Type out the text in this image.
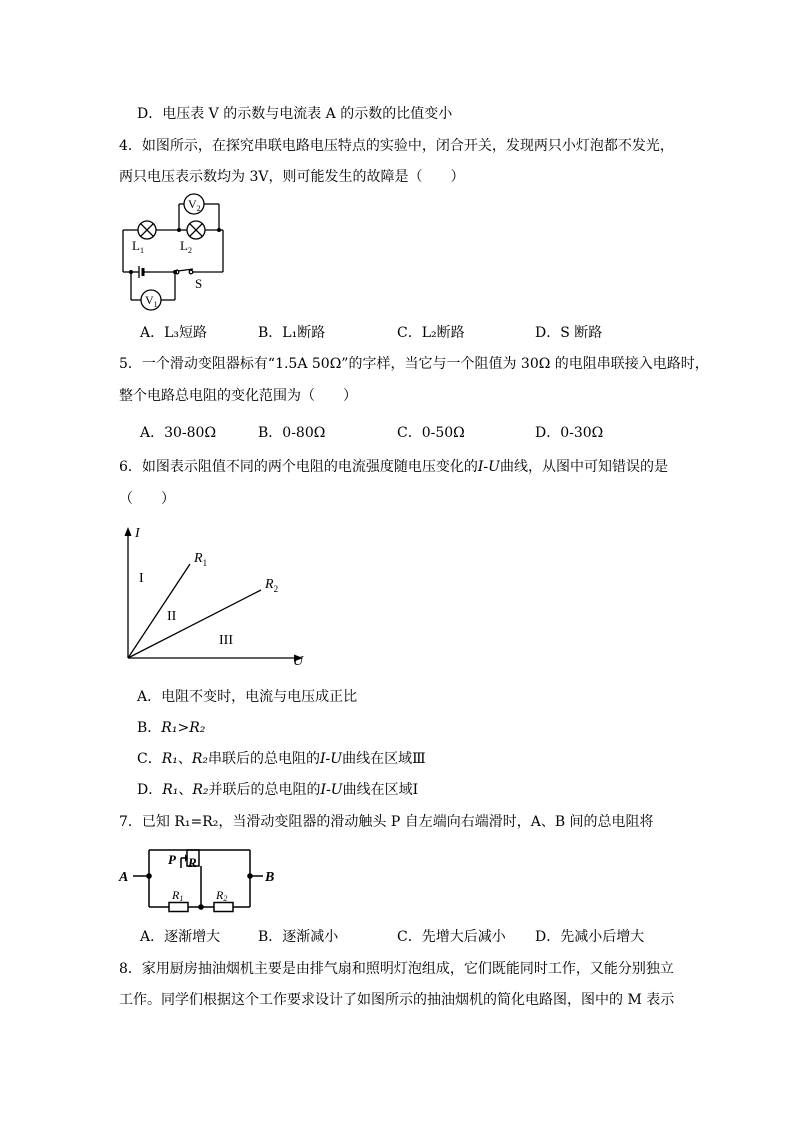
D．电压表 V 的示数与电流表 A 的示数的比值变小
4．如图所示，在探究串联电路电压特点的实验中，闭合开关，发现两只小灯泡都不发光，
两只电压表示数均为 3V，则可能发生的故障是（　　）
$V_2$
$V_1$
$L_1$	$L_2$
S
A．L₃短路	B．L₁断路	C．L₂断路	D．S 断路
5．一个滑动变阻器标有“1.5A 50Ω”的字样，当它与一个阻值为 30Ω 的电阻串联接入电路时，
整个电路总电阻的变化范围为（　　）
A．30-80Ω	B．0-80Ω	C．0-50Ω	D．0-30Ω
6．如图表示阻值不同的两个电阻的电流强度随电压变化的I-U曲线，从图中可知错误的是
（　　）
I
U
$R_1$
$R_2$
I
II
III
A．电阻不变时，电流与电压成正比
B．R₁>R₂
C．R₁、R₂串联后的总电阻的I-U曲线在区域Ⅲ
D．R₁、R₂并联后的总电阻的I-U曲线在区域Ⅰ
7．已知 R₁=R₂，当滑动变阻器的滑动触头 P 自左端向右端滑时，A、B 间的总电阻将
A	B
P R
R1	R2
A．逐渐增大	B．逐渐减小	C．先增大后减小 D．先减小后增大
8．家用厨房抽油烟机主要是由排气扇和照明灯泡组成，它们既能同时工作，又能分别独立
工作。同学们根据这个工作要求设计了如图所示的抽油烟机的简化电路图，图中的 M 表示
